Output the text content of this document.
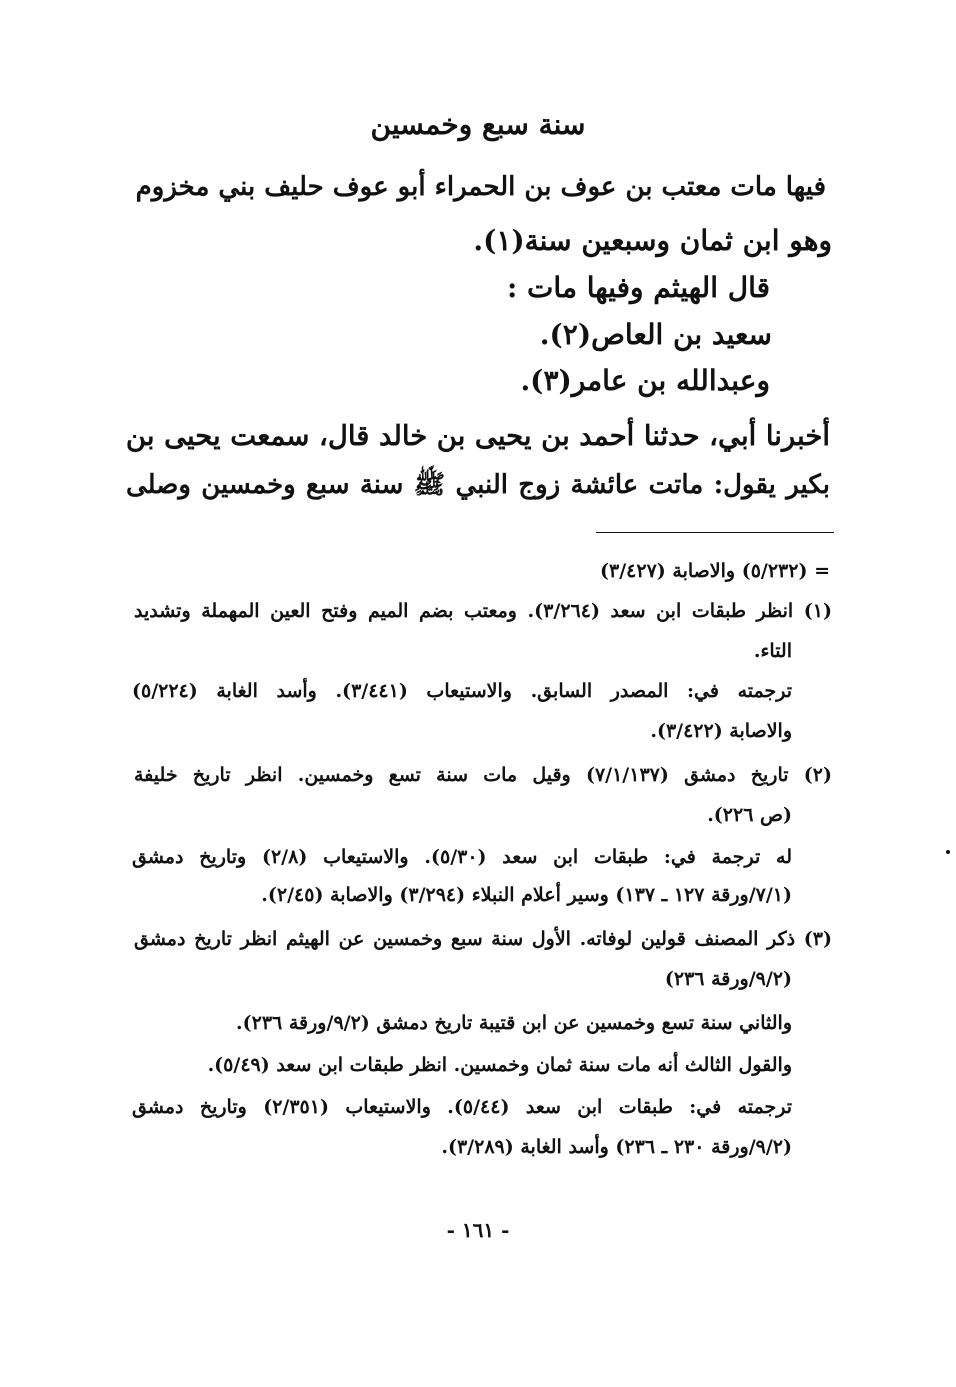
سنة سبع وخمسين
فيها مات معتب بن عوف بن الحمراء أبو عوف حليف بني مخزوم
وهو ابن ثمان وسبعين سنة(١).
قال الهيثم وفيها مات :
سعيد بن العاص(٢).
وعبدالله بن عامر(٣).
أخبرنا أبي، حدثنا أحمد بن يحيى بن خالد قال، سمعت يحيى بن
بكير يقول: ماتت عائشة زوج النبي ﷺ سنة سبع وخمسين وصلى
= (٥/٢٣٢) والاصابة (٣/٤٢٧)
(١) انظر طبقات ابن سعد (٣/٢٦٤). ومعتب بضم الميم وفتح العين المهملة وتشديد
التاء.
ترجمته في: المصدر السابق. والاستيعاب (٣/٤٤١). وأسد الغابة (٥/٢٢٤)
والاصابة (٣/٤٢٢).
(٢) تاريخ دمشق (٧/١/١٣٧) وقيل مات سنة تسع وخمسين. انظر تاريخ خليفة
(ص ٢٢٦).
له ترجمة في: طبقات ابن سعد (٥/٣٠). والاستيعاب (٢/٨) وتاريخ دمشق
(٧/١/ورقة ١٢٧ ـ ١٣٧) وسير أعلام النبلاء (٣/٢٩٤) والاصابة (٢/٤٥).
(٣) ذكر المصنف قولين لوفاته. الأول سنة سبع وخمسين عن الهيثم انظر تاريخ دمشق
(٩/٢/ورقة ٢٣٦)
والثاني سنة تسع وخمسين عن ابن قتيبة تاريخ دمشق (٩/٢/ورقة ٢٣٦).
والقول الثالث أنه مات سنة ثمان وخمسين. انظر طبقات ابن سعد (٥/٤٩).
ترجمته في: طبقات ابن سعد (٥/٤٤). والاستيعاب (٢/٣٥١) وتاريخ دمشق
(٩/٢/ورقة ٢٣٠ ـ ٢٣٦) وأسد الغابة (٣/٢٨٩).
- ١٦١ -
